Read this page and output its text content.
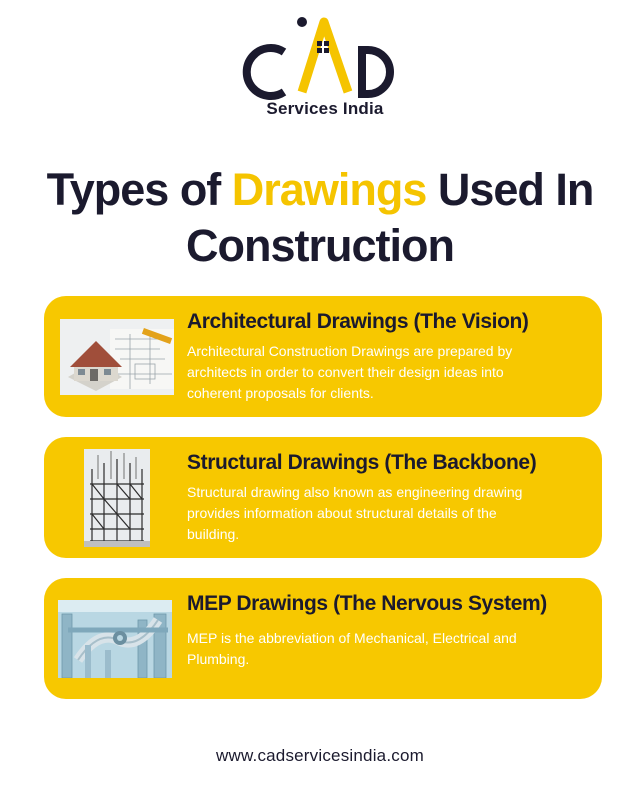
Services India
Types of Drawings Used In Construction
Architectural Drawings (The Vision)
Architectural Construction Drawings are prepared by architects in order to convert their design ideas into coherent proposals for clients.
Structural Drawings (The Backbone)
Structural drawing also known as engineering drawing provides information about structural details of the building.
MEP Drawings (The Nervous System)
MEP is the abbreviation of Mechanical, Electrical and Plumbing.
www.cadservicesindia.com
